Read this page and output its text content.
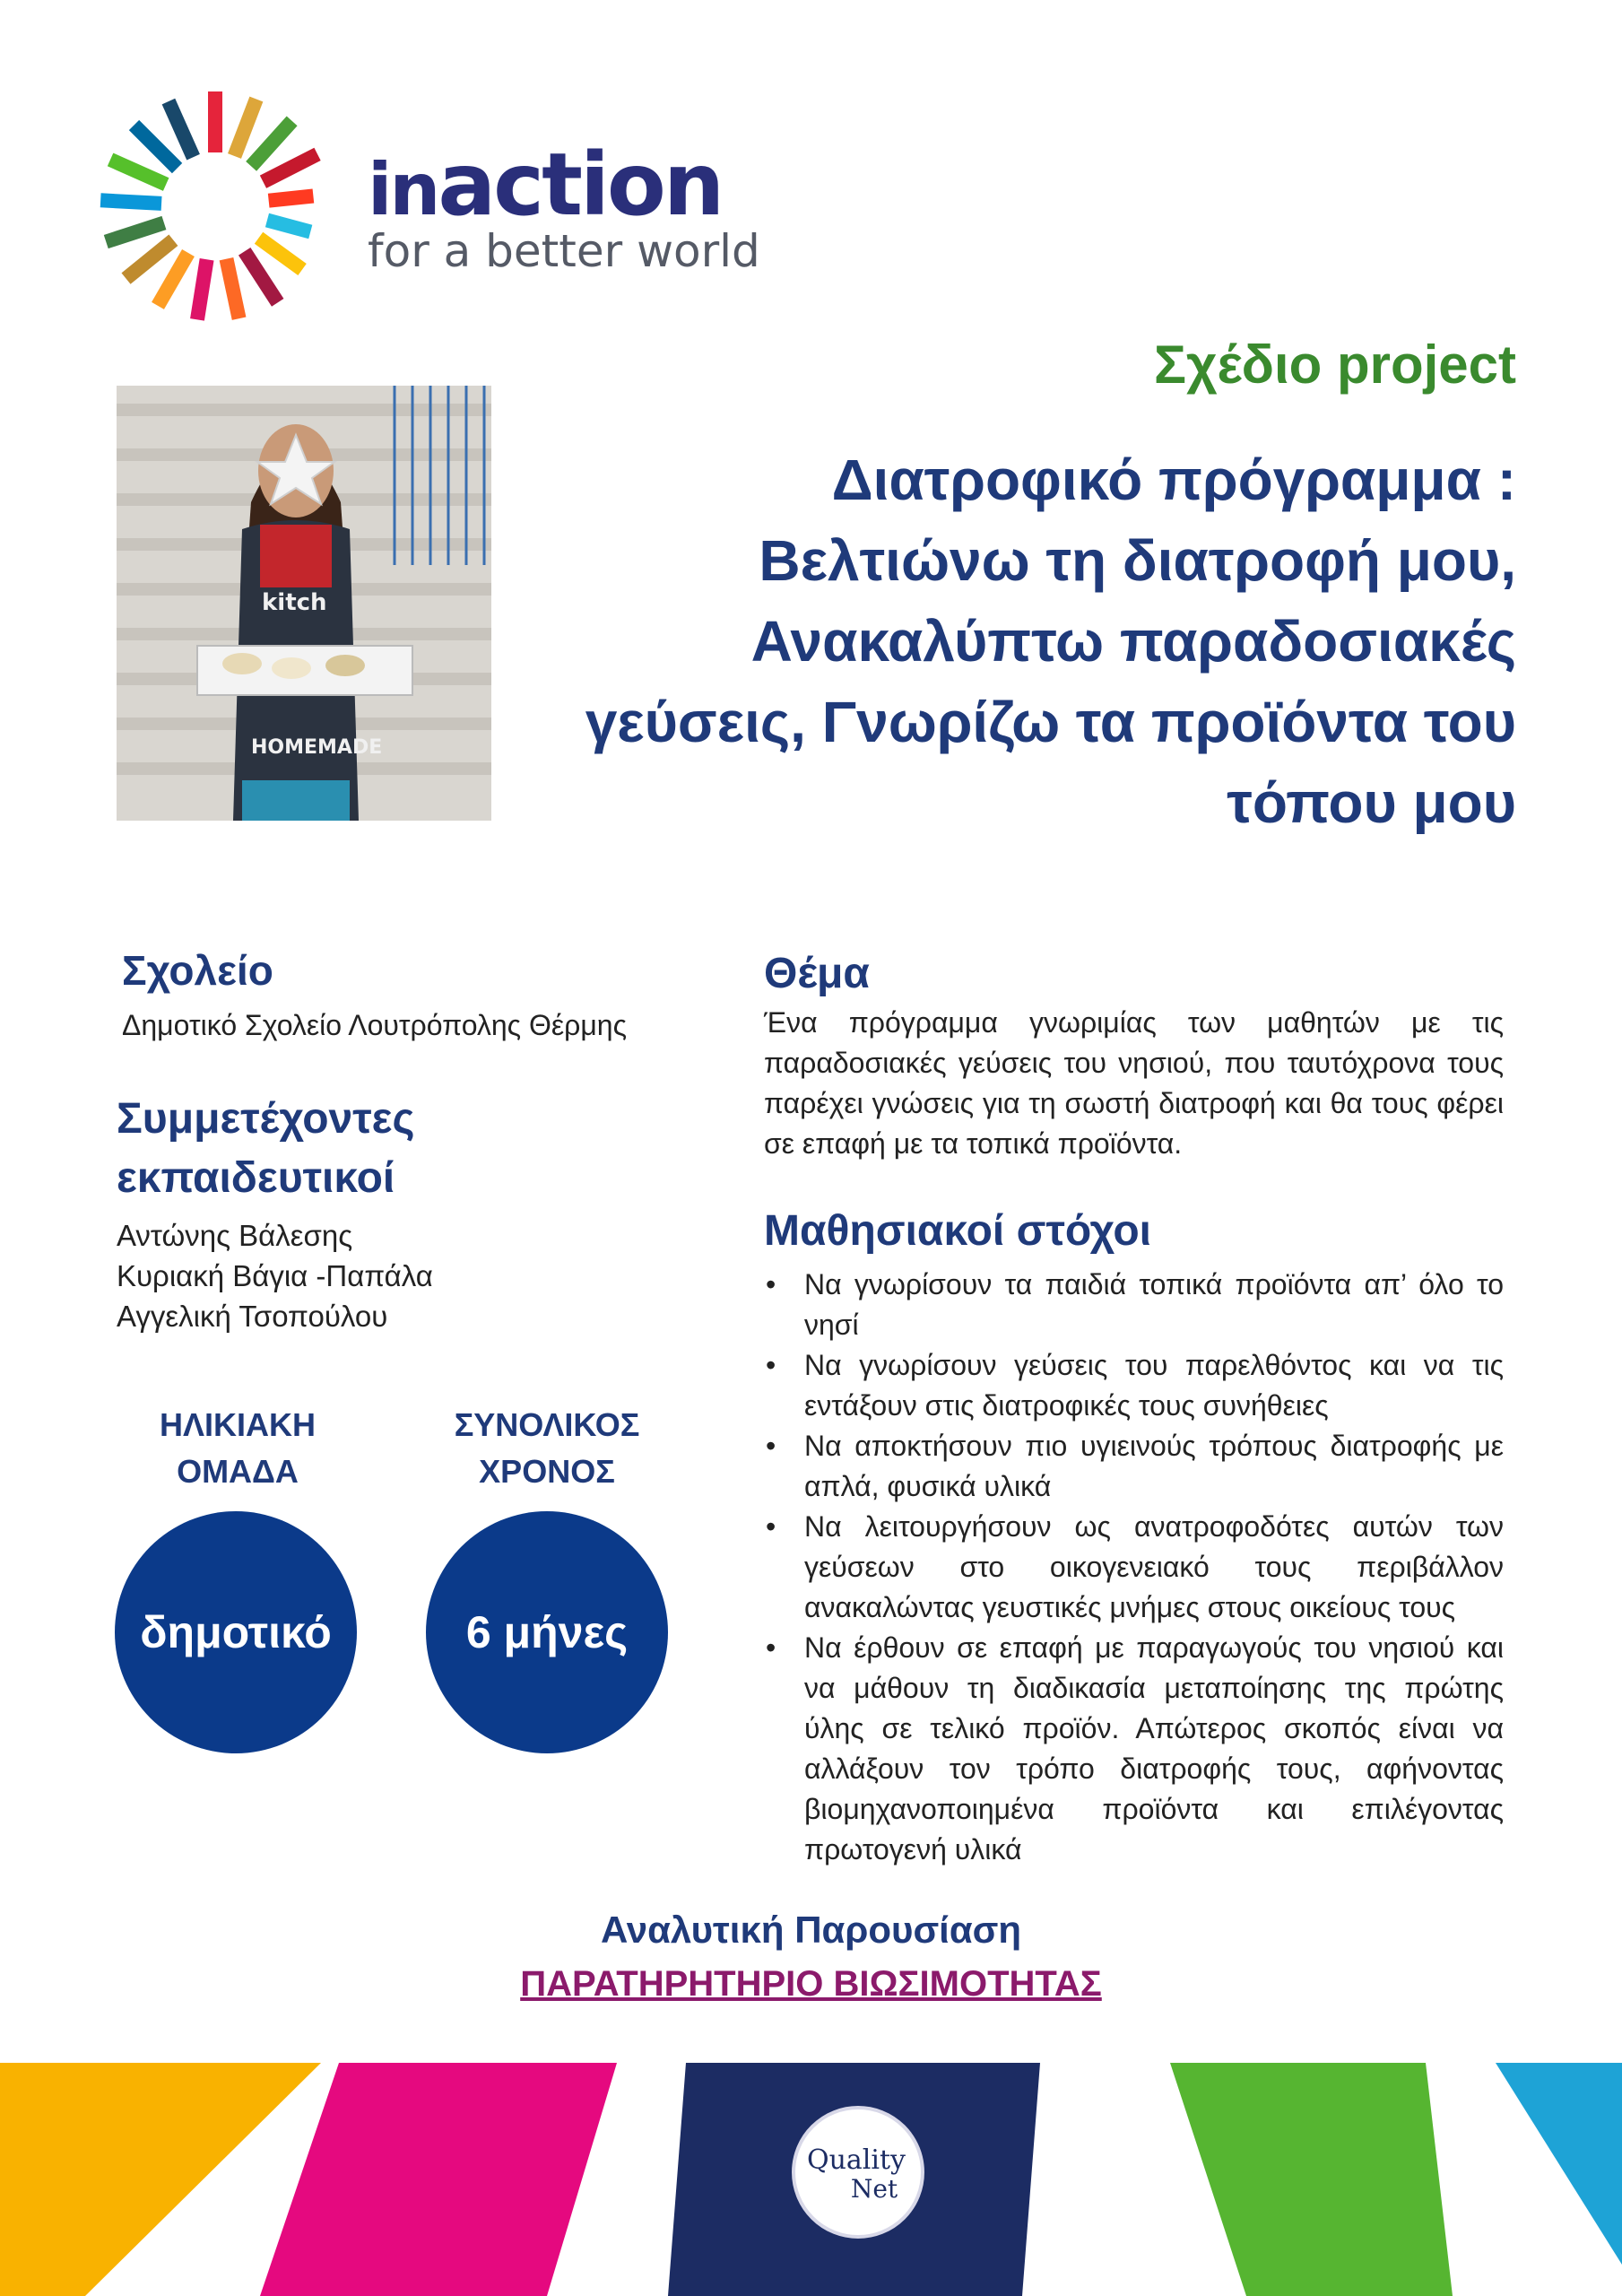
inaction
for a better world
Σχέδιο project
Διατροφικό πρόγραμμα :
Βελτιώνω τη διατροφή μου,
Ανακαλύπτω παραδοσιακές
γεύσεις, Γνωρίζω τα προϊόντα του
τόπου μου
kitch
HOMEMADE
Σχολείο
Δημοτικό Σχολείο Λουτρόπολης Θέρμης
Συμμετέχοντες
εκπαιδευτικοί
Αντώνης Βάλεσης
Κυριακή Βάγια -Παπάλα
Αγγελική Τσοπούλου
ΗΛΙΚΙΑΚΗ
ΟΜΑΔΑ
ΣΥΝΟΛΙΚΟΣ
ΧΡΟΝΟΣ
δημοτικό	6 μήνες
Θέμα
Ένα πρόγραμμα γνωριμίας των μαθητών με τις παραδοσιακές γεύσεις του νησιού, που ταυτόχρονα τους παρέχει γνώσεις για τη σωστή διατροφή και θα τους φέρει σε επαφή με τα τοπικά προϊόντα.
Μαθησιακοί στόχοι
• Να γνωρίσουν τα παιδιά τοπικά προϊόντα απ’ όλο το νησί
• Να γνωρίσουν γεύσεις του παρελθόντος και να τις εντάξουν στις διατροφικές τους συνήθειες
• Να αποκτήσουν πιο υγιεινούς τρόπους διατροφής με απλά, φυσικά υλικά
• Να λειτουργήσουν ως ανατροφοδότες αυτών των γεύσεων στο οικογενειακό τους περιβάλλον ανακαλώντας γευστικές μνήμες στους οικείους τους
• Να έρθουν σε επαφή με παραγωγούς του νησιού και να μάθουν τη διαδικασία μεταποίησης της πρώτης ύλης σε τελικό προϊόν. Απώτερος σκοπός είναι να αλλάξουν τον τρόπο διατροφής τους, αφήνοντας βιομηχανοποιημένα προϊόντα και επιλέγοντας πρωτογενή υλικά
Αναλυτική Παρουσίαση
ΠΑΡΑΤΗΡΗΤΗΡΙΟ ΒΙΩΣΙΜΟΤΗΤΑΣ
Quality
Net
